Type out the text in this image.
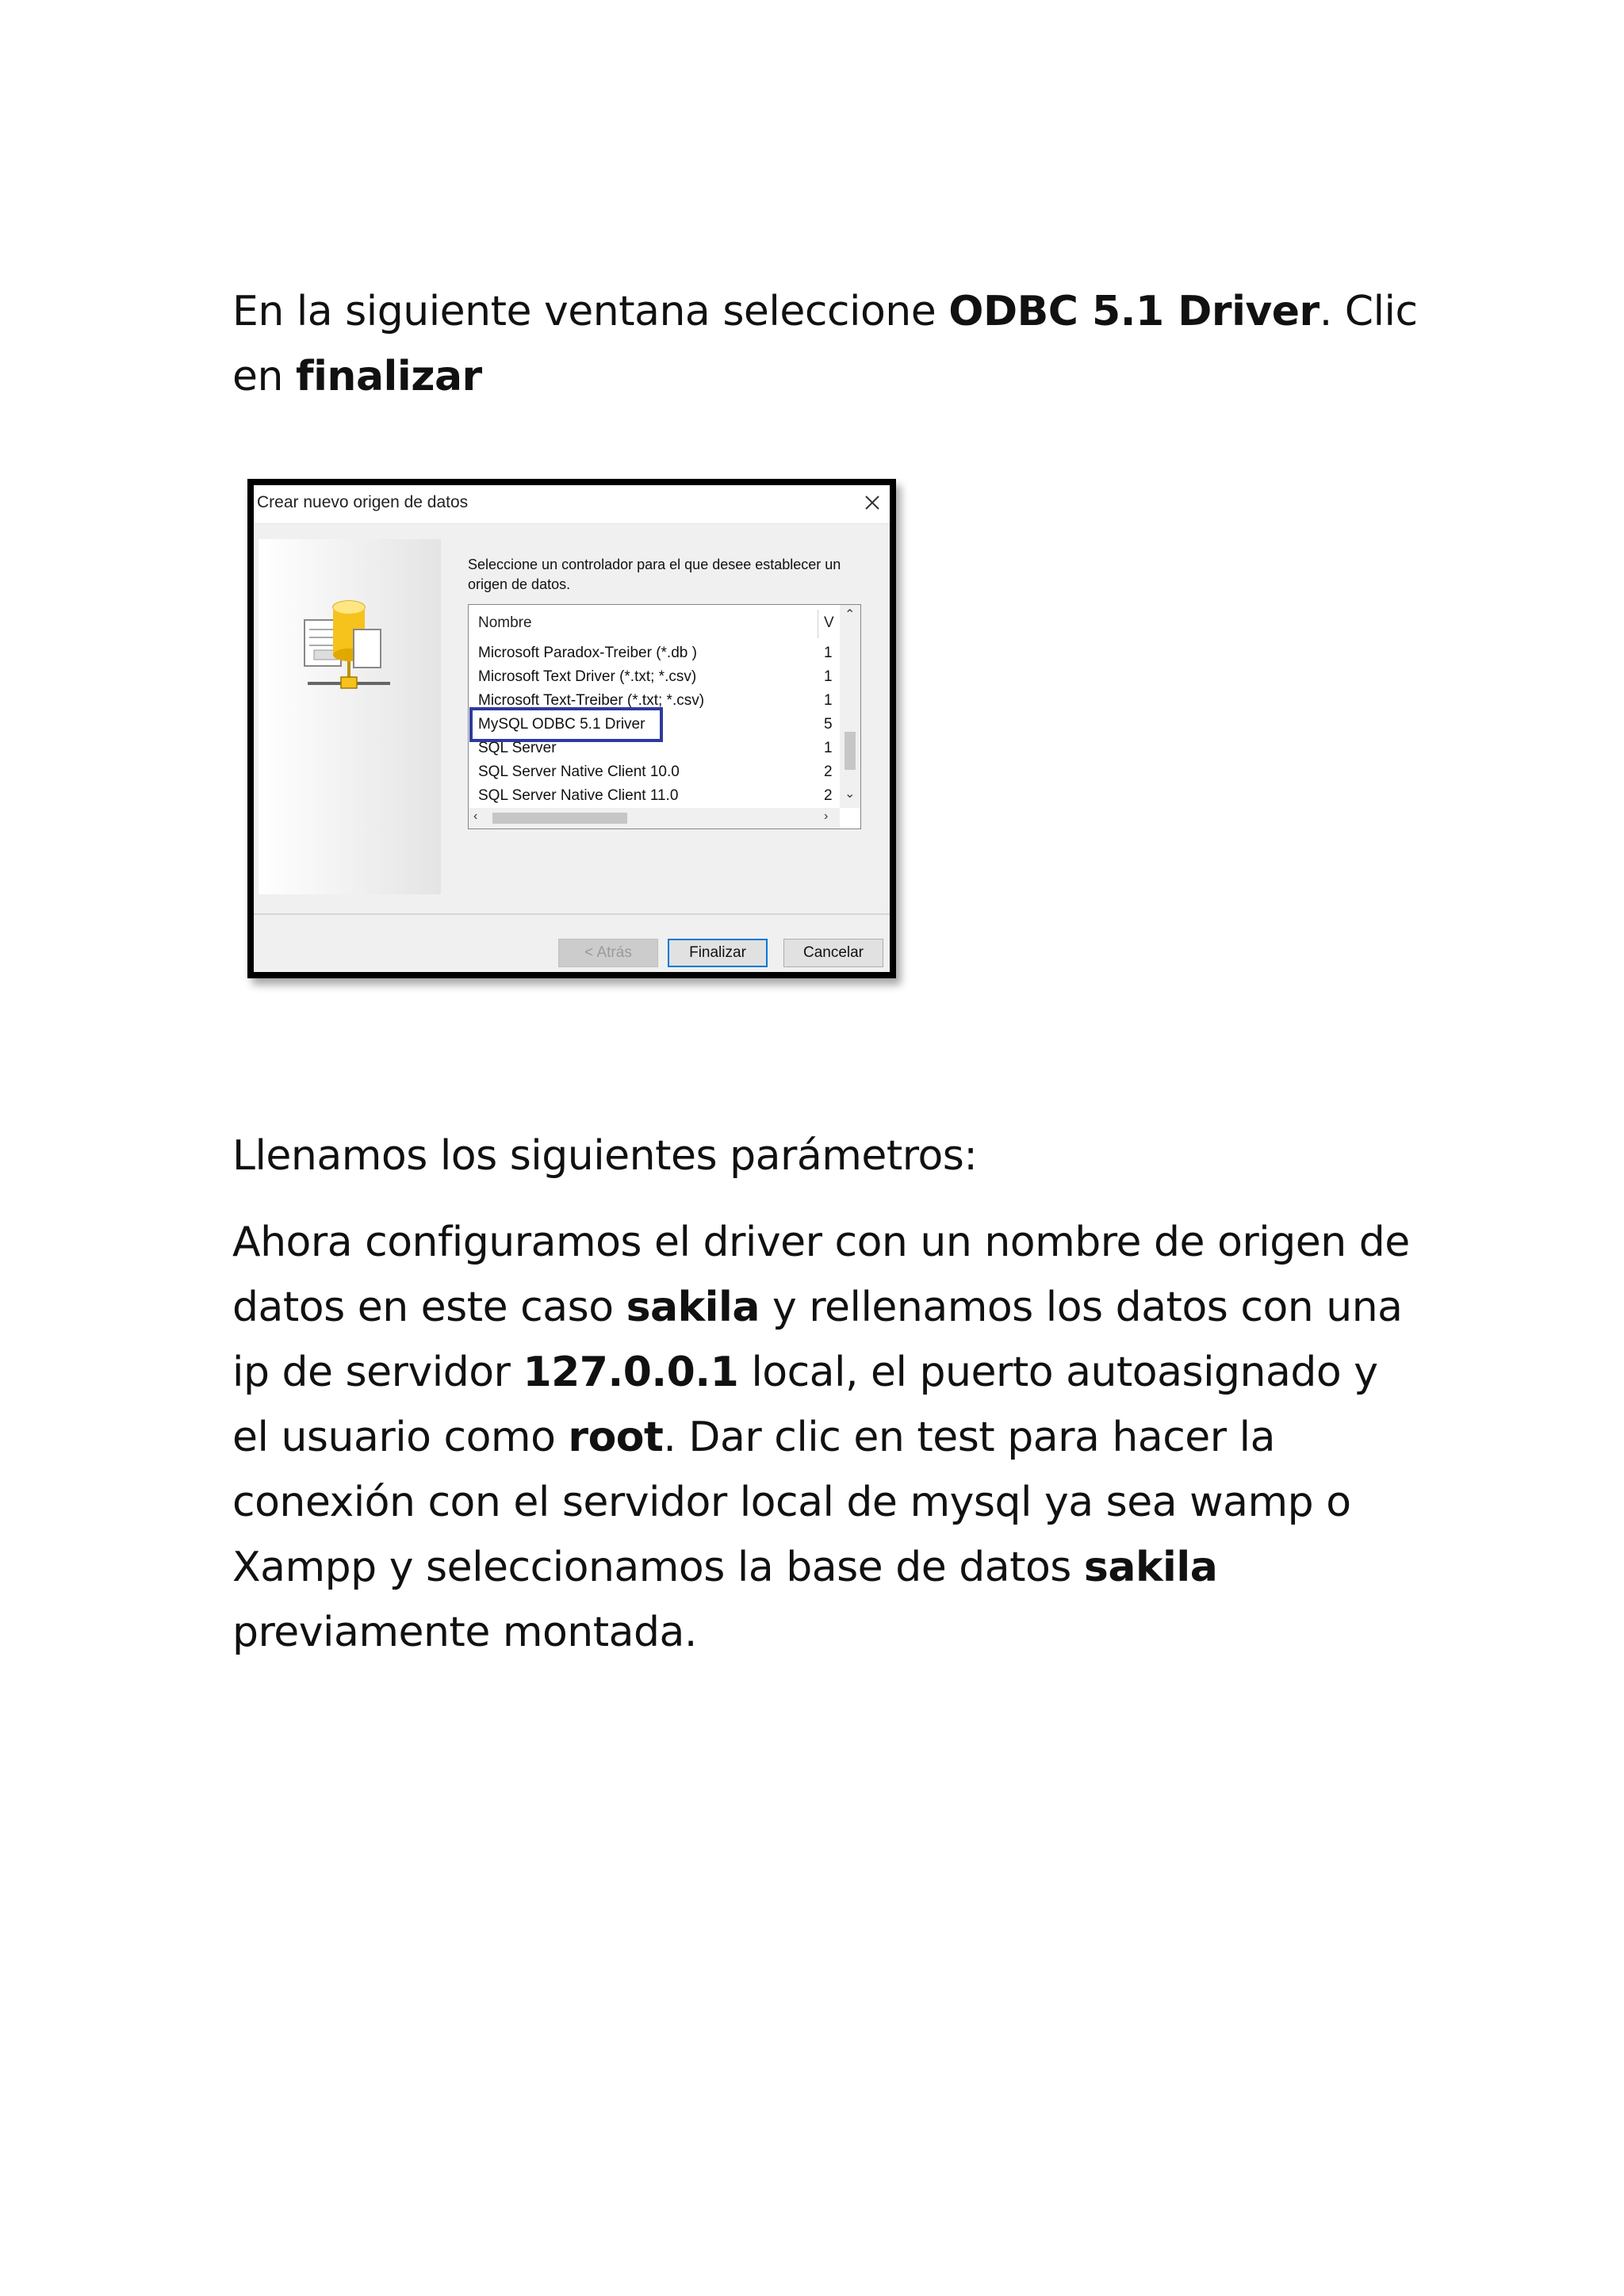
En la siguiente ventana seleccione ODBC 5.1 Driver. Clic en finalizar
Crear nuevo origen de datos
Seleccione un controlador para el que desee establecer un origen de datos.
Nombre	V
Microsoft Paradox-Treiber (*.db )	1
Microsoft Text Driver (*.txt; *.csv)	1
Microsoft Text-Treiber (*.txt; *.csv)	1
MySQL ODBC 5.1 Driver	5
SQL Server	1
SQL Server Native Client 10.0	2
SQL Server Native Client 11.0	2
⌃
⌄
‹	›
< Atrás	Finalizar	Cancelar
Llenamos los siguientes parámetros:
Ahora configuramos el driver con un nombre de origen de datos en este caso sakila y rellenamos los datos con una ip de servidor 127.0.0.1 local, el puerto autoasignado y el usuario como root. Dar clic en test para hacer la conexión con el servidor local de mysql ya sea wamp o Xampp y seleccionamos la base de datos sakila previamente montada.
